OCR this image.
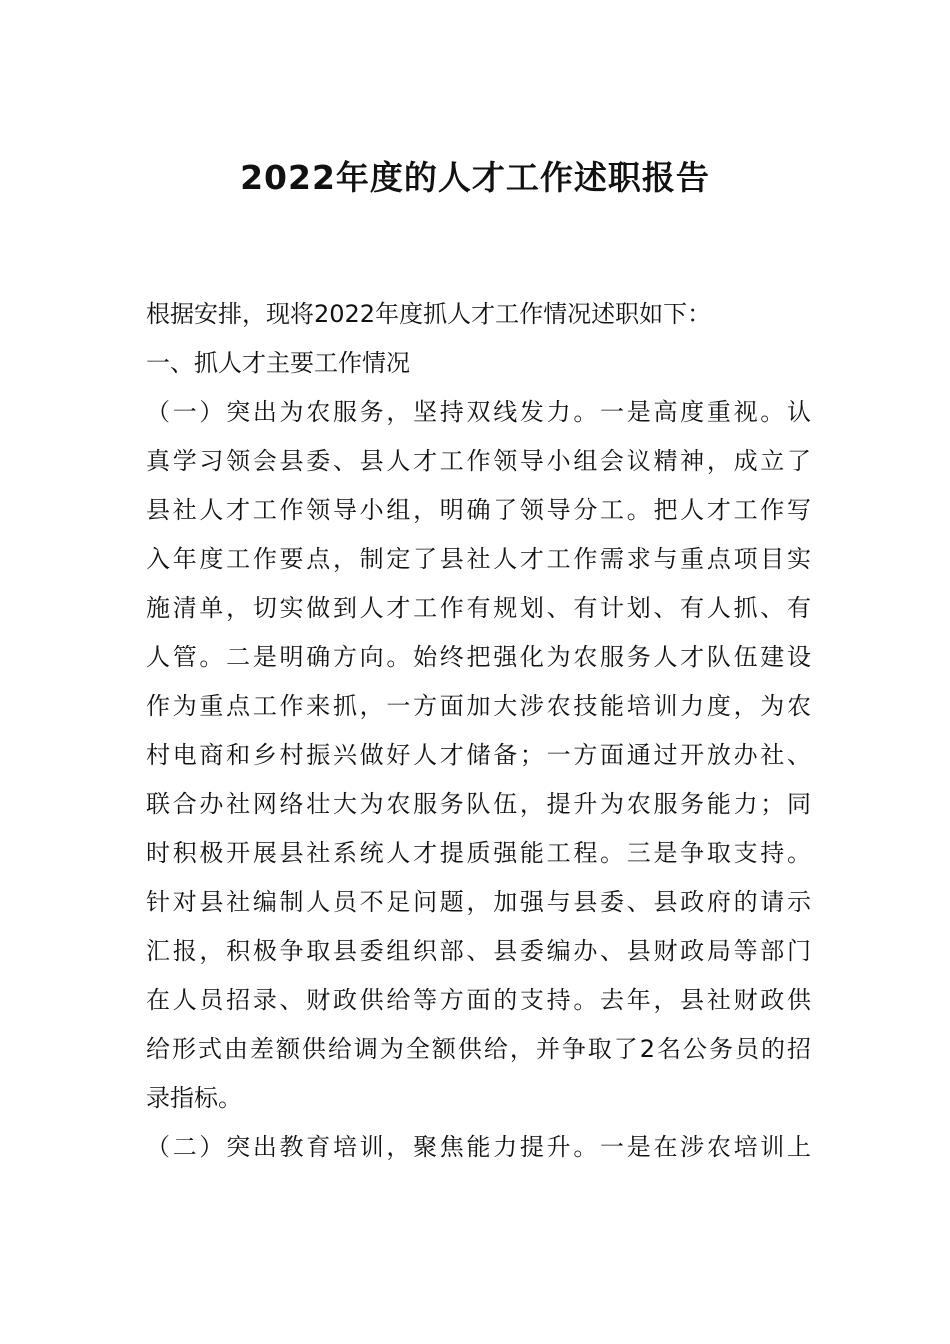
2022年度的人才工作述职报告
根据安排，现将2022年度抓人才工作情况述职如下：
一、抓人才主要工作情况
（一）突出为农服务，坚持双线发力。一是高度重视。认
真学习领会县委、县人才工作领导小组会议精神，成立了
县社人才工作领导小组，明确了领导分工。把人才工作写
入年度工作要点，制定了县社人才工作需求与重点项目实
施清单，切实做到人才工作有规划、有计划、有人抓、有
人管。二是明确方向。始终把强化为农服务人才队伍建设
作为重点工作来抓，一方面加大涉农技能培训力度，为农
村电商和乡村振兴做好人才储备；一方面通过开放办社、
联合办社网络壮大为农服务队伍，提升为农服务能力；同
时积极开展县社系统人才提质强能工程。三是争取支持。
针对县社编制人员不足问题，加强与县委、县政府的请示
汇报，积极争取县委组织部、县委编办、县财政局等部门
在人员招录、财政供给等方面的支持。去年，县社财政供
给形式由差额供给调为全额供给，并争取了2名公务员的招
录指标。
（二）突出教育培训，聚焦能力提升。一是在涉农培训上
